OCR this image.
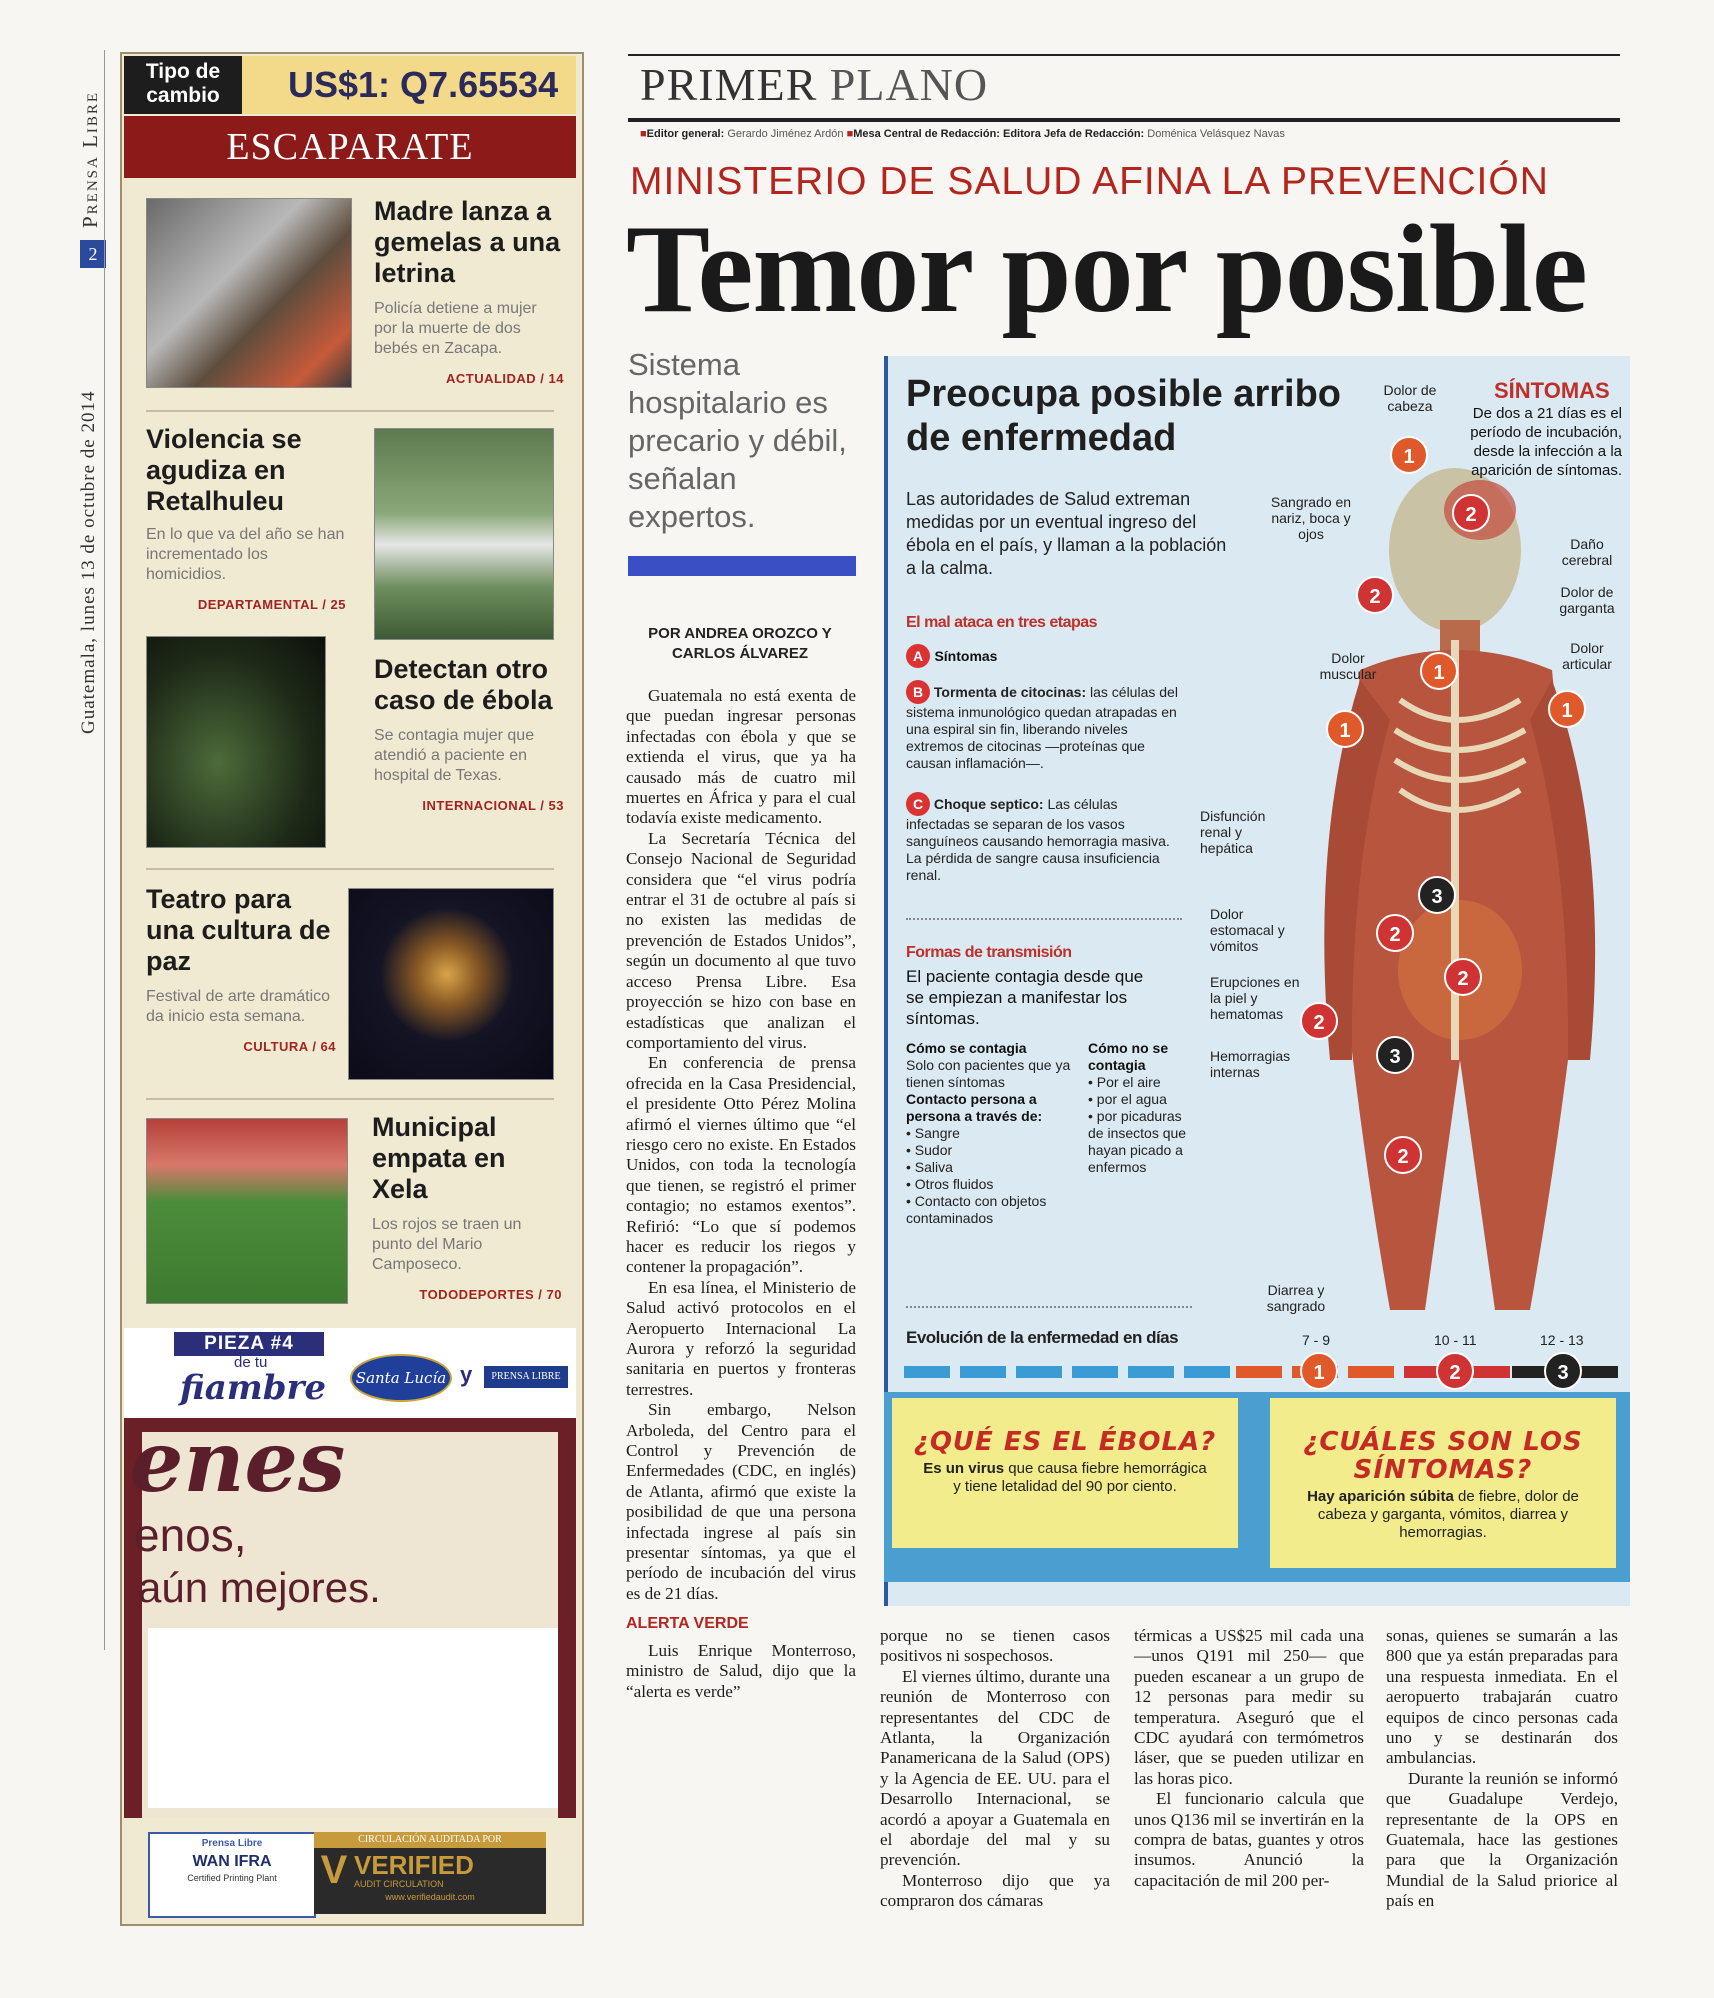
Prensa Libre
2
Guatemala, lunes 13 de octubre de 2014
Tipo de cambio	US$1: Q7.65534
ESCAPARATE
Madre lanza a gemelas a una letrina
Policía detiene a mujer por la muerte de dos bebés en Zacapa.
ACTUALIDAD / 14
Violencia se agudiza en Retalhuleu
En lo que va del año se han incrementado los homicidios.
DEPARTAMENTAL / 25
Detectan otro caso de ébola
Se contagia mujer que atendió a paciente en hospital de Texas.
INTERNACIONAL / 53
Teatro para una cultura de paz
Festival de arte dramático da inicio esta semana.
CULTURA / 64
Municipal empata en Xela
Los rojos se traen un punto del Mario Camposeco.
TODODEPORTES / 70
PIEZA #4
de tu
fiambre	Santa Lucía y	PRENSA LIBRE
enes
enos,
aún mejores.
Prensa Libre
WAN IFRA
Certified Printing Plant
CIRCULACIÓN AUDITADA POR
V VERIFIED
AUDIT CIRCULATION
www.verifiedaudit.com
PRIMER PLANO
■Editor general: Gerardo Jiménez Ardón ■Mesa Central de Redacción: Editora Jefa de Redacción: Doménica Velásquez Navas
MINISTERIO DE SALUD AFINA LA PREVENCIÓN
Temor por posible
Sistema hospitalario es precario y débil, señalan expertos.
POR ANDREA OROZCO Y CARLOS ÁLVAREZ

Guatemala no está exenta de que puedan ingresar personas infectadas con ébola y que se extienda el virus, que ya ha causado más de cuatro mil muertes en África y para el cual todavía existe medicamento.

La Secretaría Técnica del Consejo Nacional de Seguridad considera que “el virus podría entrar el 31 de octubre al país si no existen las medidas de prevención de Estados Unidos”, según un documento al que tuvo acceso Prensa Libre. Esa proyección se hizo con base en estadísticas que analizan el comportamiento del virus.

En conferencia de prensa ofrecida en la Casa Presidencial, el presidente Otto Pérez Molina afirmó el viernes último que “el riesgo cero no existe. En Estados Unidos, con toda la tecnología que tienen, se registró el primer contagio; no estamos exentos”. Refirió: “Lo que sí podemos hacer es reducir los riegos y contener la propagación”.

En esa línea, el Ministerio de Salud activó protocolos en el Aeropuerto Internacional La Aurora y reforzó la seguridad sanitaria en puertos y fronteras terrestres.

Sin embargo, Nelson Arboleda, del Centro para el Control y Prevención de Enfermedades (CDC, en inglés) de Atlanta, afirmó que existe la posibilidad de que una persona infectada ingrese al país sin presentar síntomas, ya que el período de incubación del virus es de 21 días.

ALERTA VERDE

Luis Enrique Monterroso, ministro de Salud, dijo que la “alerta es verde”

Preocupa posible arribo de enfermedad
Las autoridades de Salud extreman medidas por un eventual ingreso del ébola en el país, y llaman a la población a la calma.
El mal ataca en tres etapas
A Síntomas
B Tormenta de citocinas: las células del sistema inmunológico quedan atrapadas en una espiral sin fin, liberando niveles extremos de citocinas —proteínas que causan inflamación—.
C Choque septico: Las células infectadas se separan de los vasos sanguíneos causando hemorragia masiva. La pérdida de sangre causa insuficiencia renal.
Formas de transmisión
El paciente contagia desde que se empiezan a manifestar los síntomas.
Cómo se contagia
Solo con pacientes que ya tienen síntomas
Contacto persona a persona a través de:
• Sangre
• Sudor
• Saliva
• Otros fluidos
• Contacto con objetos contaminados
Cómo no se contagia
• Por el aire
• por el agua
• por picaduras de insectos que hayan picado a enfermos
SÍNTOMAS
De dos a 21 días es el período de incubación, desde la infección a la aparición de síntomas.
Dolor de cabeza
Sangrado en nariz, boca y ojos
Daño cerebral
Dolor de garganta
Dolor muscular
Dolor articular
Disfunción renal y hepática
Dolor estomacal y vómitos
Erupciones en la piel y hematomas
Hemorragias internas
Diarrea y sangrado
1
2
2
1
1
1
3
2
2
2
3
2
Evolución de la enfermedad en días	7 - 9	10 - 11	12 - 13
1	2	3
¿QUÉ ES EL ÉBOLA?
Es un virus que causa fiebre hemorrágica y tiene letalidad del 90 por ciento.
¿CUÁLES SON LOS SÍNTOMAS?
Hay aparición súbita de fiebre, dolor de cabeza y garganta, vómitos, diarrea y hemorragias.

porque no se tienen casos positivos ni sospechosos.

El viernes último, durante una reunión de Monterroso con representantes del CDC de Atlanta, la Organización Panamericana de la Salud (OPS) y la Agencia de EE. UU. para el Desarrollo Internacional, se acordó a apoyar a Guatemala en el abordaje del mal y su prevención.

Monterroso dijo que ya compraron dos cámaras

térmicas a US$25 mil cada una —unos Q191 mil 250— que pueden escanear a un grupo de 12 personas para medir su temperatura. Aseguró que el CDC ayudará con termómetros láser, que se pueden utilizar en las horas pico.

El funcionario calcula que unos Q136 mil se invertirán en la compra de batas, guantes y otros insumos. Anunció la capacitación de mil 200 per-

sonas, quienes se sumarán a las 800 que ya están preparadas para una respuesta inmediata. En el aeropuerto trabajarán cuatro equipos de cinco personas cada uno y se destinarán dos ambulancias.

Durante la reunión se informó que Guadalupe Verdejo, representante de la OPS en Guatemala, hace las gestiones para que la Organización Mundial de la Salud priorice al país en
